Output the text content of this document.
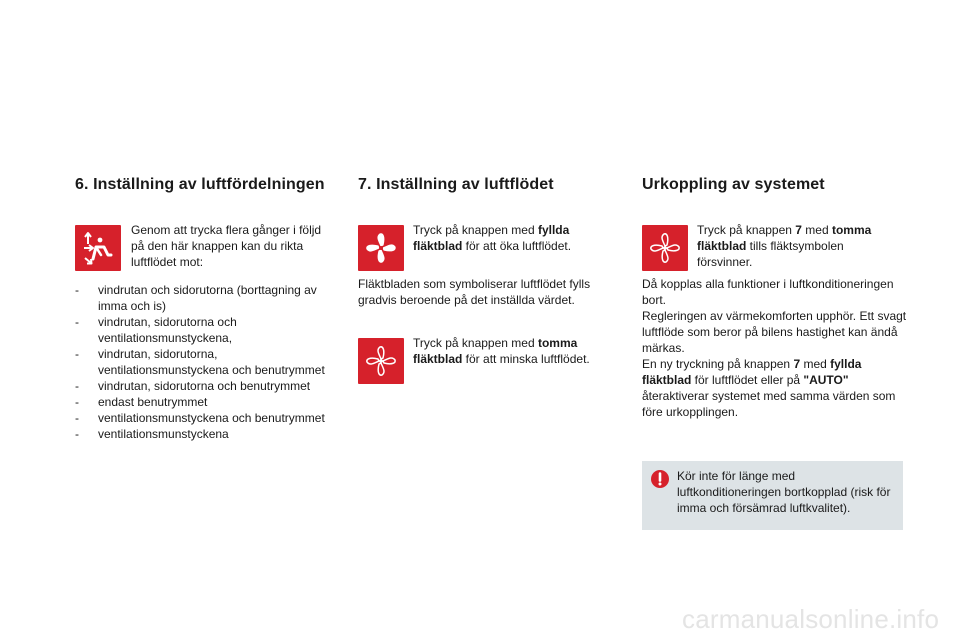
6. Inställning av luftfördelningen
Genom att trycka flera gånger i följd på den här knappen kan du rikta luftflödet mot:
- vindrutan och sidorutorna (borttagning av imma och is)
- vindrutan, sidorutorna och ventilationsmunstyckena,
- vindrutan, sidorutorna, ventilationsmunstyckena och benutrymmet
- vindrutan, sidorutorna och benutrymmet
- endast benutrymmet
- ventilationsmunstyckena och benutrymmet
- ventilationsmunstyckena
7. Inställning av luftflödet
Tryck på knappen med fyllda fläktblad för att öka luftflödet.
Fläktbladen som symboliserar luftflödet fylls gradvis beroende på det inställda värdet.
Tryck på knappen med tomma fläktblad för att minska luftflödet.
Urkoppling av systemet
Tryck på knappen 7 med tomma fläktblad tills fläktsymbolen försvinner.
Då kopplas alla funktioner i luftkonditioneringen bort.
Regleringen av värmekomforten upphör. Ett svagt luftflöde som beror på bilens hastighet kan ändå märkas.
En ny tryckning på knappen 7 med fyllda fläktblad för luftflödet eller på "AUTO" återaktiverar systemet med samma värden som före urkopplingen.
Kör inte för länge med luftkonditioneringen bortkopplad (risk för imma och försämrad luftkvalitet).
carmanualsonline.info
